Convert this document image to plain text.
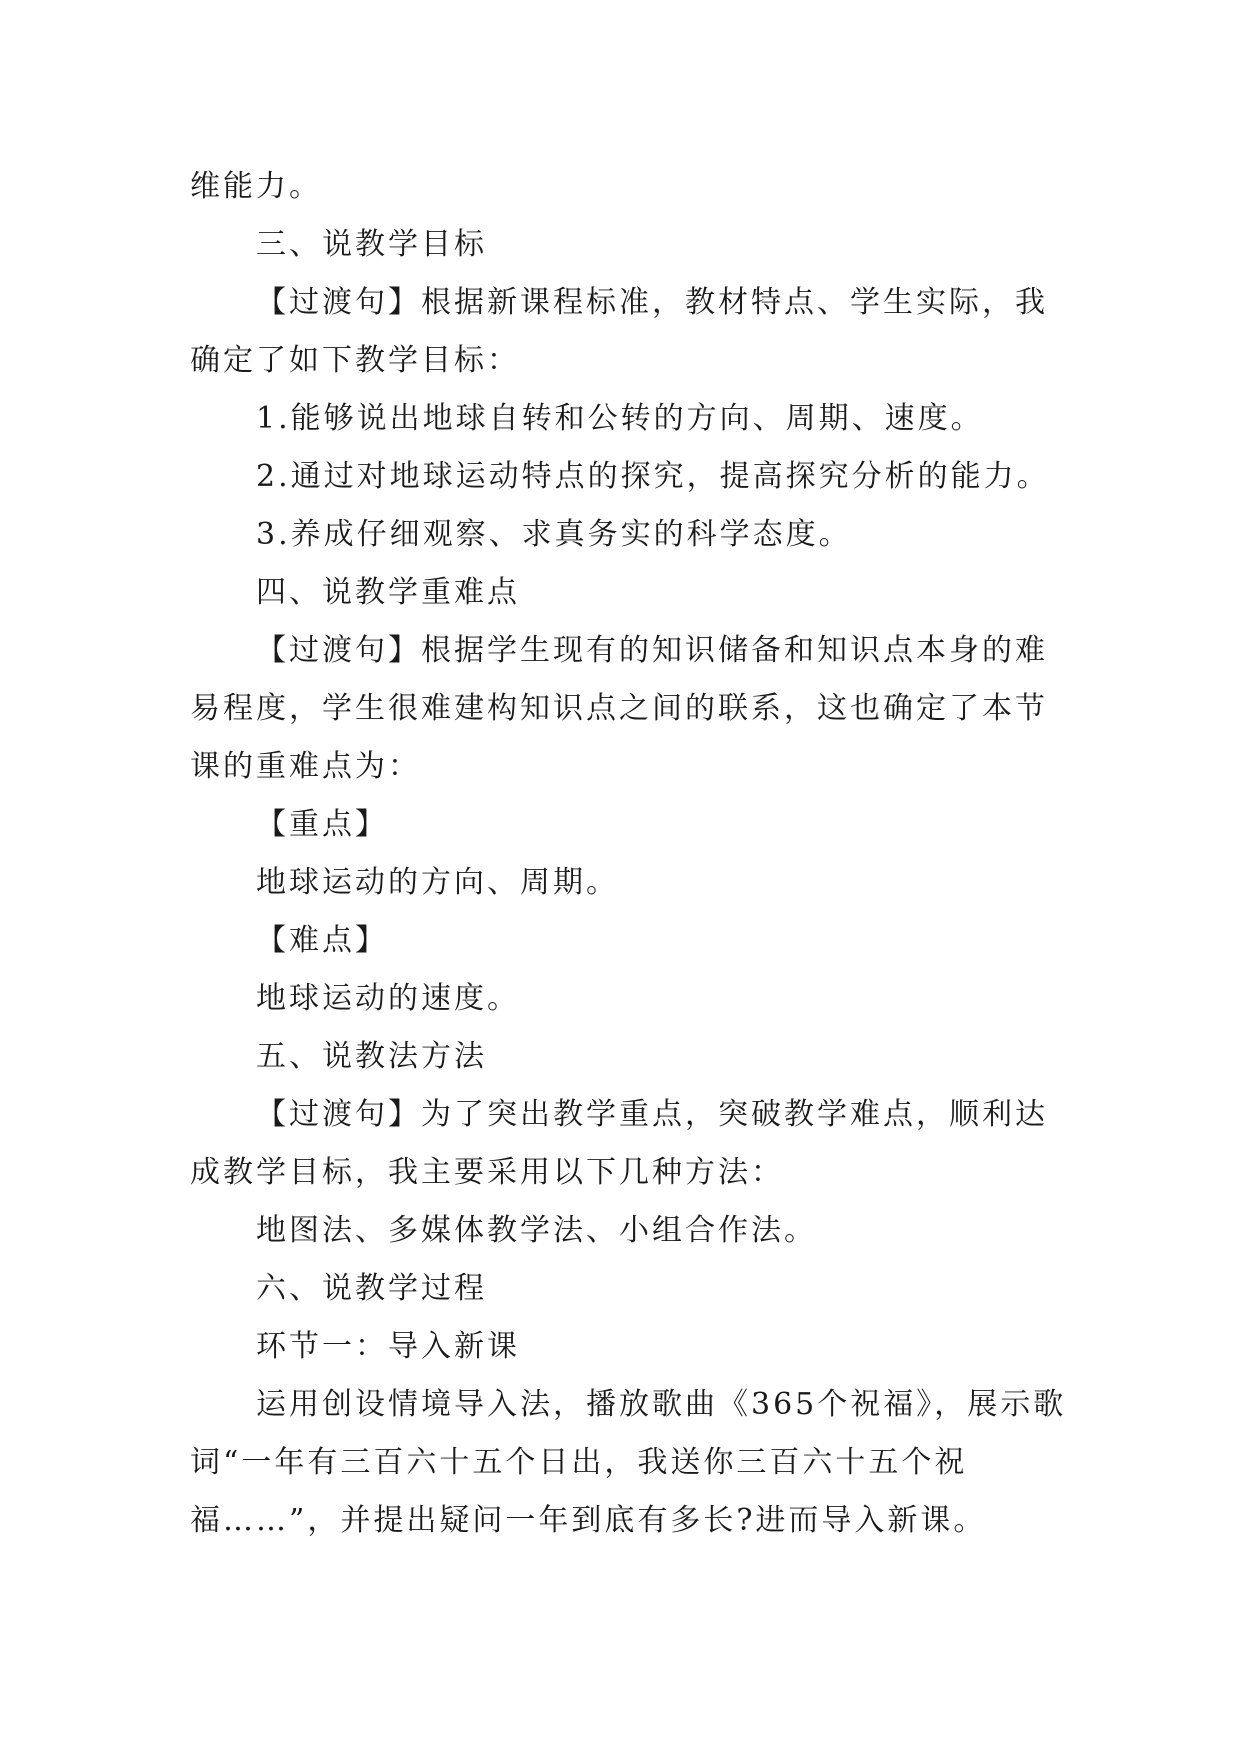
维能力。
三、说教学目标
【过渡句】根据新课程标准，教材特点、学生实际，我
确定了如下教学目标：
1.能够说出地球自转和公转的方向、周期、速度。
2.通过对地球运动特点的探究，提高探究分析的能力。
3.养成仔细观察、求真务实的科学态度。
四、说教学重难点
【过渡句】根据学生现有的知识储备和知识点本身的难
易程度，学生很难建构知识点之间的联系，这也确定了本节
课的重难点为：
【重点】
地球运动的方向、周期。
【难点】
地球运动的速度。
五、说教法方法
【过渡句】为了突出教学重点，突破教学难点，顺利达
成教学目标，我主要采用以下几种方法：
地图法、多媒体教学法、小组合作法。
六、说教学过程
环节一：导入新课
运用创设情境导入法，播放歌曲《365个祝福》，展示歌
词“一年有三百六十五个日出，我送你三百六十五个祝
福……”，并提出疑问一年到底有多长?进而导入新课。
